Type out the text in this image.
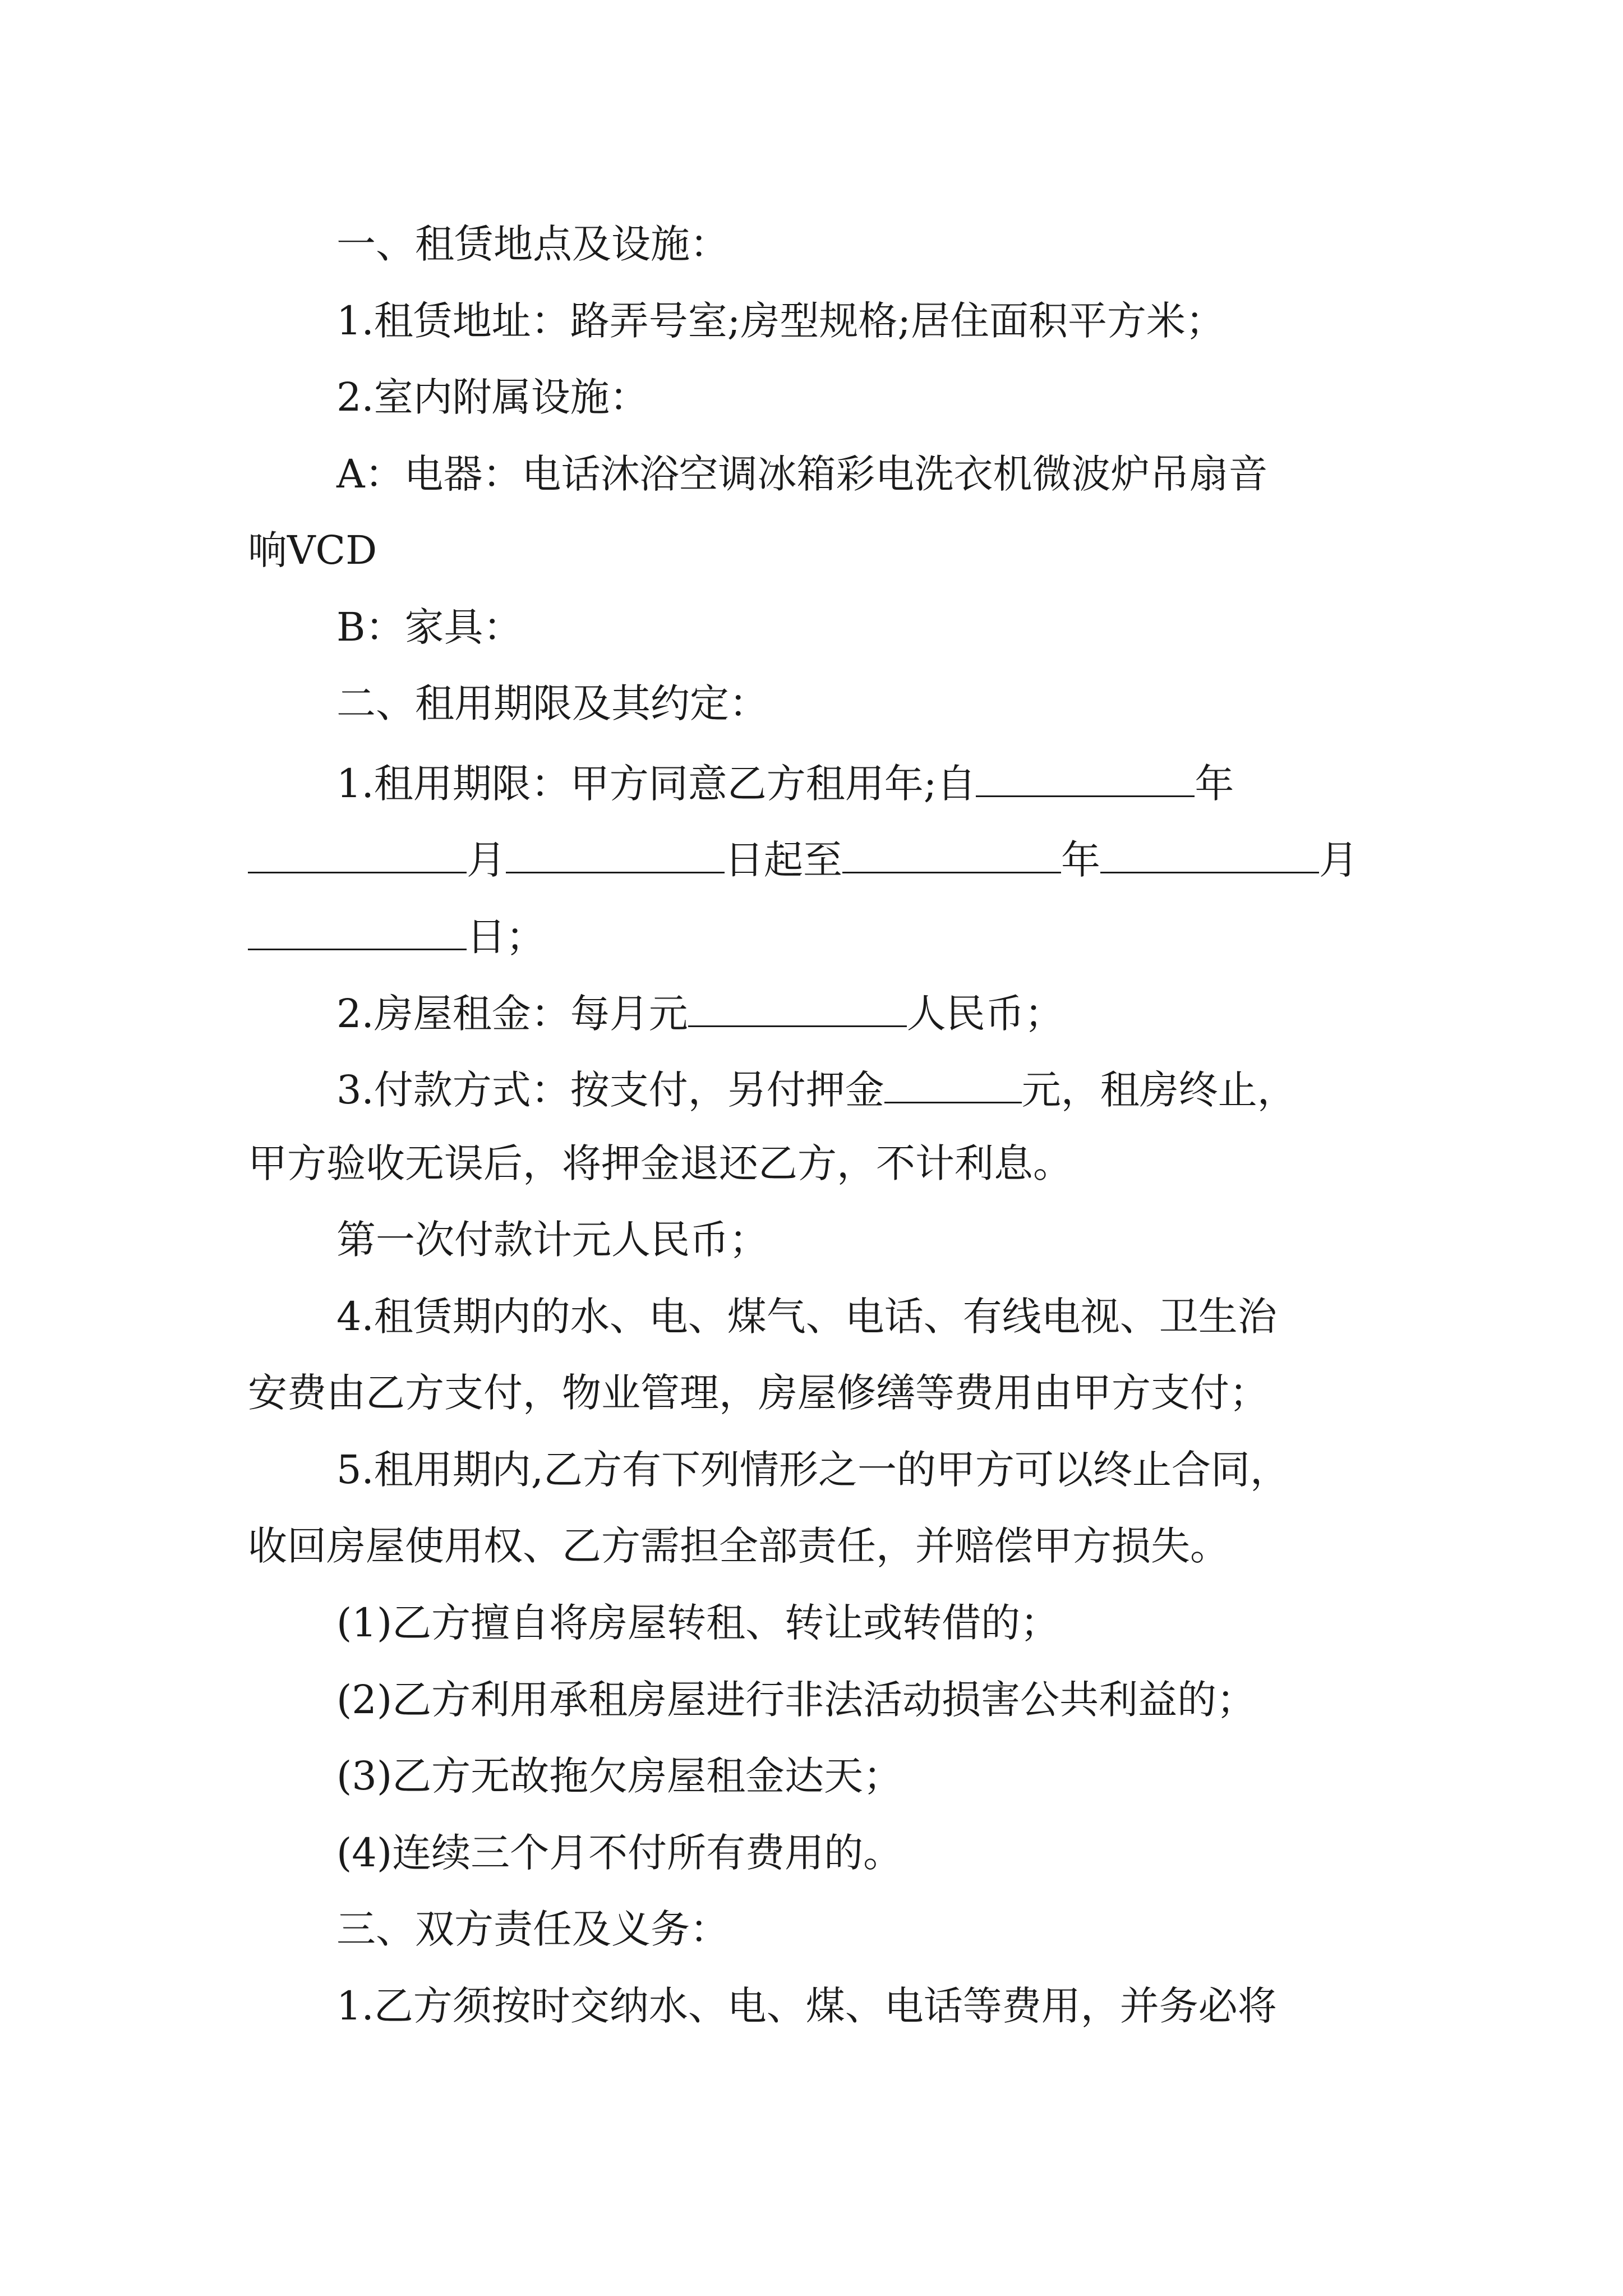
一、租赁地点及设施：
1.租赁地址：路弄号室;房型规格;居住面积平方米；
2.室内附属设施：
A：电器：电话沐浴空调冰箱彩电洗衣机微波炉吊扇音
响VCD
B：家具：
二、租用期限及其约定：
1.租用期限：甲方同意乙方租用年;自	年
月	日起至	年	月
日；
2.房屋租金：每月元	人民币；
3.付款方式：按支付，另付押金	元，租房终止，
甲方验收无误后，将押金退还乙方，不计利息。
第一次付款计元人民币；
4.租赁期内的水、电、煤气、电话、有线电视、卫生治
安费由乙方支付，物业管理，房屋修缮等费用由甲方支付；
5.租用期内,乙方有下列情形之一的甲方可以终止合同，
收回房屋使用权、乙方需担全部责任，并赔偿甲方损失。
(1)乙方擅自将房屋转租、转让或转借的；
(2)乙方利用承租房屋进行非法活动损害公共利益的；
(3)乙方无故拖欠房屋租金达天；
(4)连续三个月不付所有费用的。
三、双方责任及义务：
1.乙方须按时交纳水、电、煤、电话等费用，并务必将
